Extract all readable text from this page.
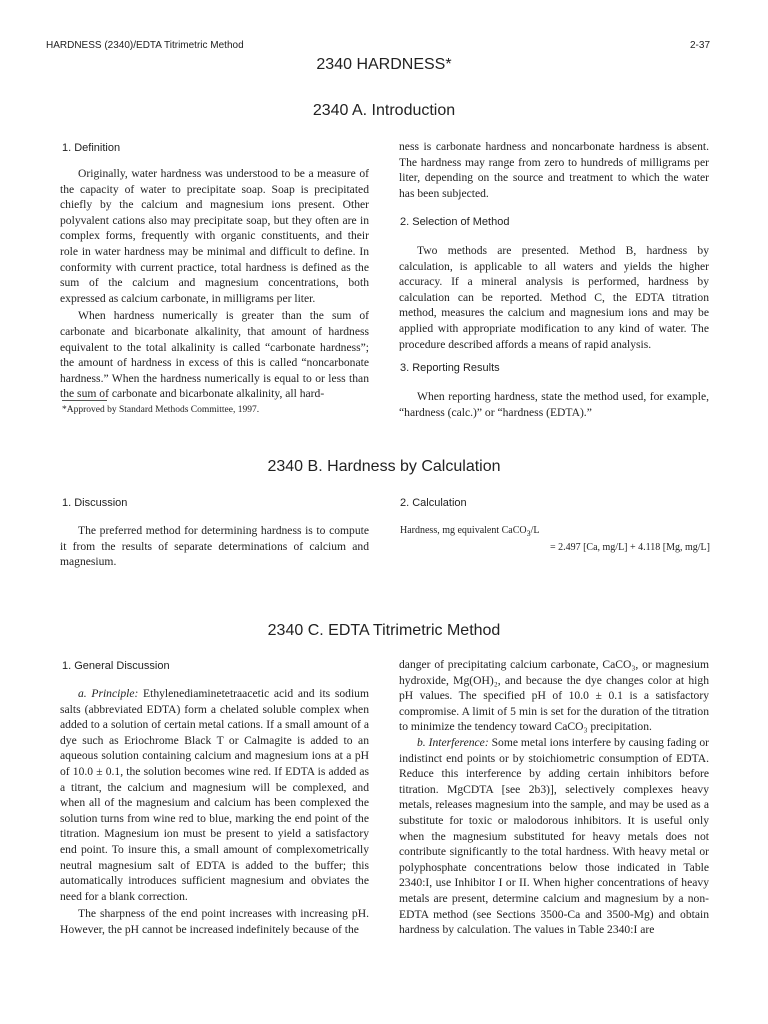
HARDNESS (2340)/EDTA Titrimetric Method	2-37
2340 HARDNESS*
2340 A. Introduction
1. Definition

Originally, water hardness was understood to be a measure of the capacity of water to precipitate soap. Soap is precipitated chiefly by the calcium and magnesium ions present. Other polyvalent cations also may precipitate soap, but they often are in complex forms, frequently with organic constituents, and their role in water hardness may be minimal and difficult to define. In conformity with current practice, total hardness is defined as the sum of the calcium and magnesium concentrations, both expressed as calcium carbonate, in milligrams per liter.

When hardness numerically is greater than the sum of carbonate and bicarbonate alkalinity, that amount of hardness equivalent to the total alkalinity is called “carbonate hardness”; the amount of hardness in excess of this is called “noncarbonate hardness.” When the hardness numerically is equal to or less than the sum of carbonate and bicarbonate alkalinity, all hard-

*Approved by Standard Methods Committee, 1997.

ness is carbonate hardness and noncarbonate hardness is absent. The hardness may range from zero to hundreds of milligrams per liter, depending on the source and treatment to which the water has been subjected.

2. Selection of Method

Two methods are presented. Method B, hardness by calculation, is applicable to all waters and yields the higher accuracy. If a mineral analysis is performed, hardness by calculation can be reported. Method C, the EDTA titration method, measures the calcium and magnesium ions and may be applied with appropriate modification to any kind of water. The procedure described affords a means of rapid analysis.

3. Reporting Results

When reporting hardness, state the method used, for example, “hardness (calc.)” or “hardness (EDTA).”

2340 B. Hardness by Calculation
1. Discussion

The preferred method for determining hardness is to compute it from the results of separate determinations of calcium and magnesium.

2. Calculation
Hardness, mg equivalent CaCO$_3$/L
= 2.497 [Ca, mg/L] + 4.118 [Mg, mg/L]
2340 C. EDTA Titrimetric Method
1. General Discussion

a. Principle: Ethylenediaminetetraacetic acid and its sodium salts (abbreviated EDTA) form a chelated soluble complex when added to a solution of certain metal cations. If a small amount of a dye such as Eriochrome Black T or Calmagite is added to an aqueous solution containing calcium and magnesium ions at a pH of 10.0 ± 0.1, the solution becomes wine red. If EDTA is added as a titrant, the calcium and magnesium will be complexed, and when all of the magnesium and calcium has been complexed the solution turns from wine red to blue, marking the end point of the titration. Magnesium ion must be present to yield a satisfactory end point. To insure this, a small amount of complexometrically neutral magnesium salt of EDTA is added to the buffer; this automatically introduces sufficient magnesium and obviates the need for a blank correction.

The sharpness of the end point increases with increasing pH. However, the pH cannot be increased indefinitely because of the

danger of precipitating calcium carbonate, CaCO₃, or magnesium hydroxide, Mg(OH)₂, and because the dye changes color at high pH values. The specified pH of 10.0 ± 0.1 is a satisfactory compromise. A limit of 5 min is set for the duration of the titration to minimize the tendency toward CaCO₃ precipitation.

b. Interference: Some metal ions interfere by causing fading or indistinct end points or by stoichiometric consumption of EDTA. Reduce this interference by adding certain inhibitors before titration. MgCDTA [see 2b3)], selectively complexes heavy metals, releases magnesium into the sample, and may be used as a substitute for toxic or malodorous inhibitors. It is useful only when the magnesium substituted for heavy metals does not contribute significantly to the total hardness. With heavy metal or polyphosphate concentrations below those indicated in Table 2340:I, use Inhibitor I or II. When higher concentrations of heavy metals are present, determine calcium and magnesium by a non-EDTA method (see Sections 3500-Ca and 3500-Mg) and obtain hardness by calculation. The values in Table 2340:I are
